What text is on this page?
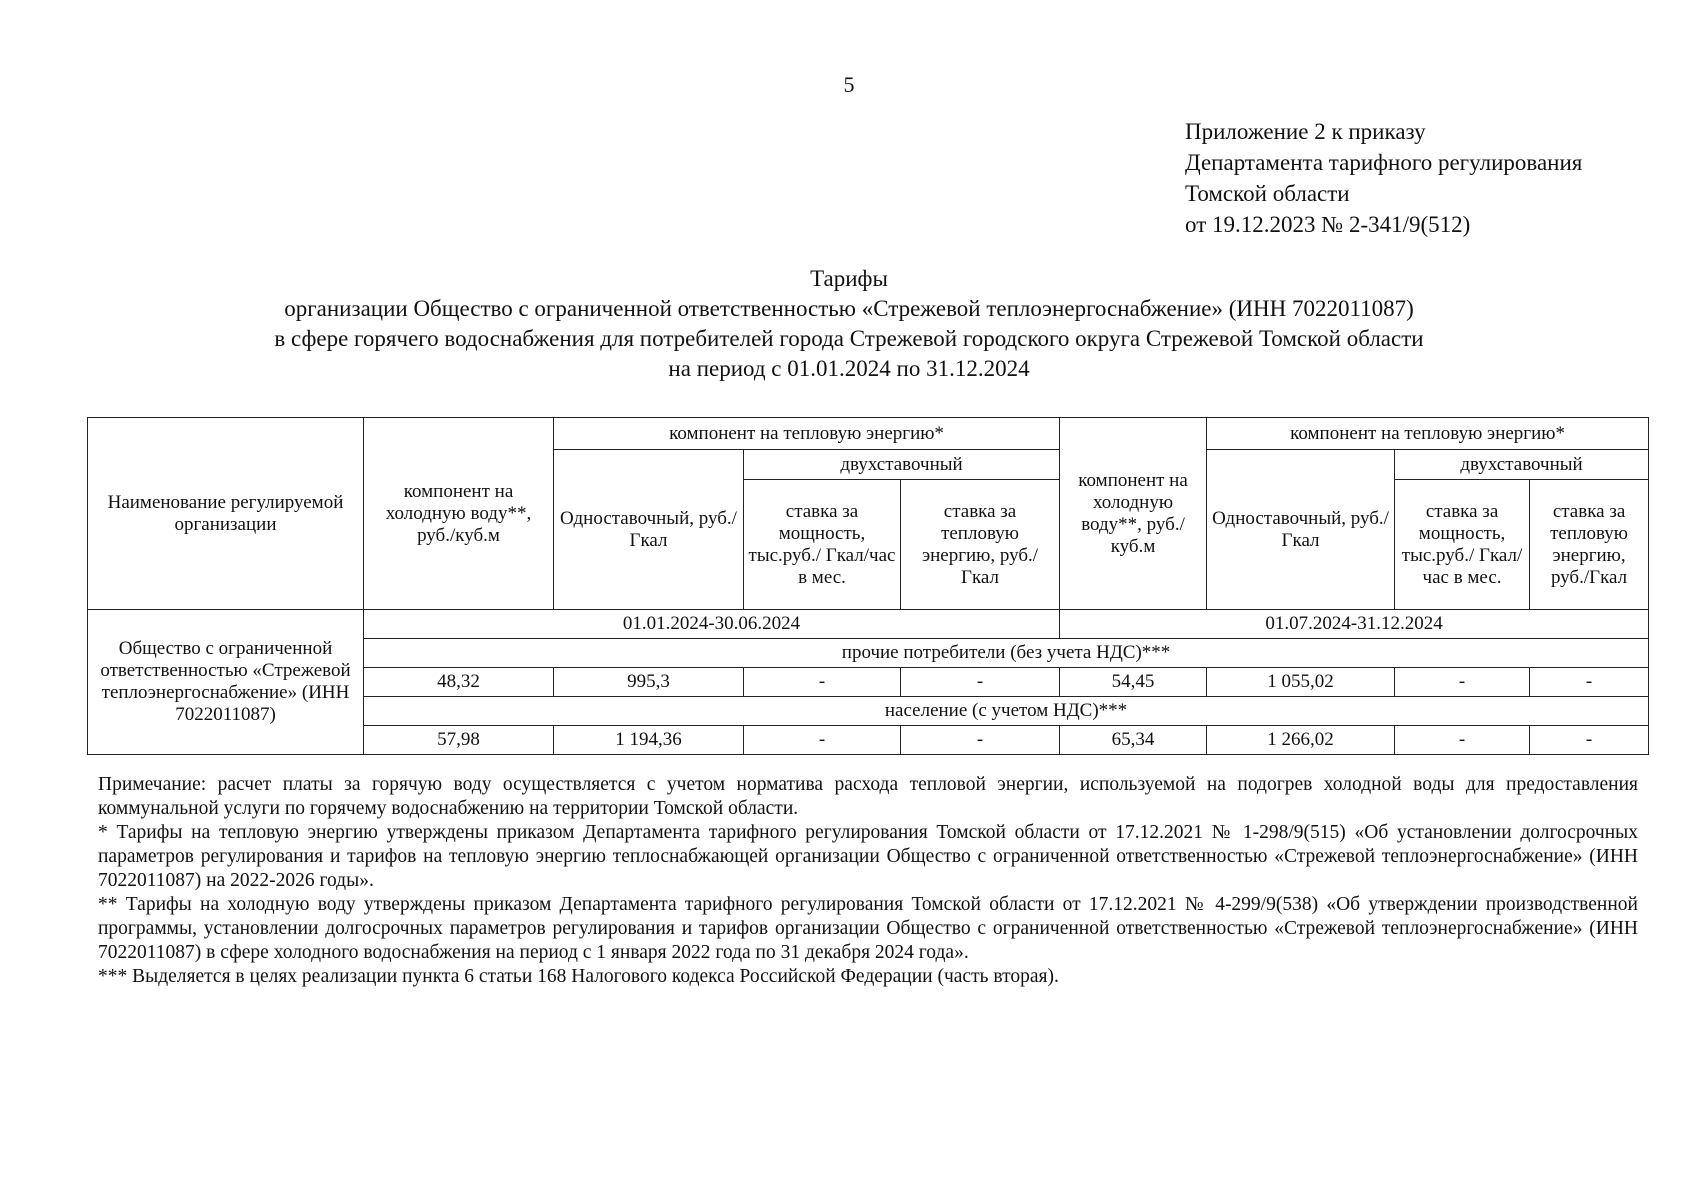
5
Приложение 2 к приказу
Департамента тарифного регулирования
Томской области
от 19.12.2023 № 2-341/9(512)
Тарифы
организации Общество с ограниченной ответственностью «Стрежевой теплоэнергоснабжение» (ИНН 7022011087)
в сфере горячего водоснабжения для потребителей города Стрежевой городского округа Стрежевой Томской области
на период с 01.01.2024 по 31.12.2024
Наименование регулируемой организации	компонент на холодную воду**, руб./куб.м	компонент на тепловую энергию*			компонент на холодную воду**, руб./куб.м	компонент на тепловую энергию*		
		Одноставочный, руб./Гкал	двухставочный			Одноставочный, руб./Гкал	двухставочный	
			ставка за мощность, тыс.руб./ Гкал/час в мес.	ставка за тепловую энергию, руб./Гкал			ставка за мощность, тыс.руб./ Гкал/час в мес.	ставка за тепловую энергию, руб./Гкал
Общество с ограниченной ответственностью «Стрежевой теплоэнергоснабжение» (ИНН 7022011087)	01.01.2024-30.06.2024				01.07.2024-31.12.2024			
	прочие потребители (без учета НДС)***							
	48,32	995,3	-	-	54,45	1 055,02	-	-
	население (с учетом НДС)***							
	57,98	1 194,36	-	-	65,34	1 266,02	-	-

Примечание: расчет платы за горячую воду осуществляется с учетом норматива расхода тепловой энергии, используемой на подогрев холодной воды для предоставления коммунальной услуги по горячему водоснабжению на территории Томской области.

* Тарифы на тепловую энергию утверждены приказом Департамента тарифного регулирования Томской области от 17.12.2021 № 1-298/9(515) «Об установлении долгосрочных параметров регулирования и тарифов на тепловую энергию теплоснабжающей организации Общество с ограниченной ответственностью «Стрежевой теплоэнергоснабжение» (ИНН 7022011087) на 2022-2026 годы».

** Тарифы на холодную воду утверждены приказом Департамента тарифного регулирования Томской области от 17.12.2021 № 4-299/9(538) «Об утверждении производственной программы, установлении долгосрочных параметров регулирования и тарифов организации Общество с ограниченной ответственностью «Стрежевой теплоэнергоснабжение» (ИНН 7022011087) в сфере холодного водоснабжения на период с 1 января 2022 года по 31 декабря 2024 года».

*** Выделяется в целях реализации пункта 6 статьи 168 Налогового кодекса Российской Федерации (часть вторая).
